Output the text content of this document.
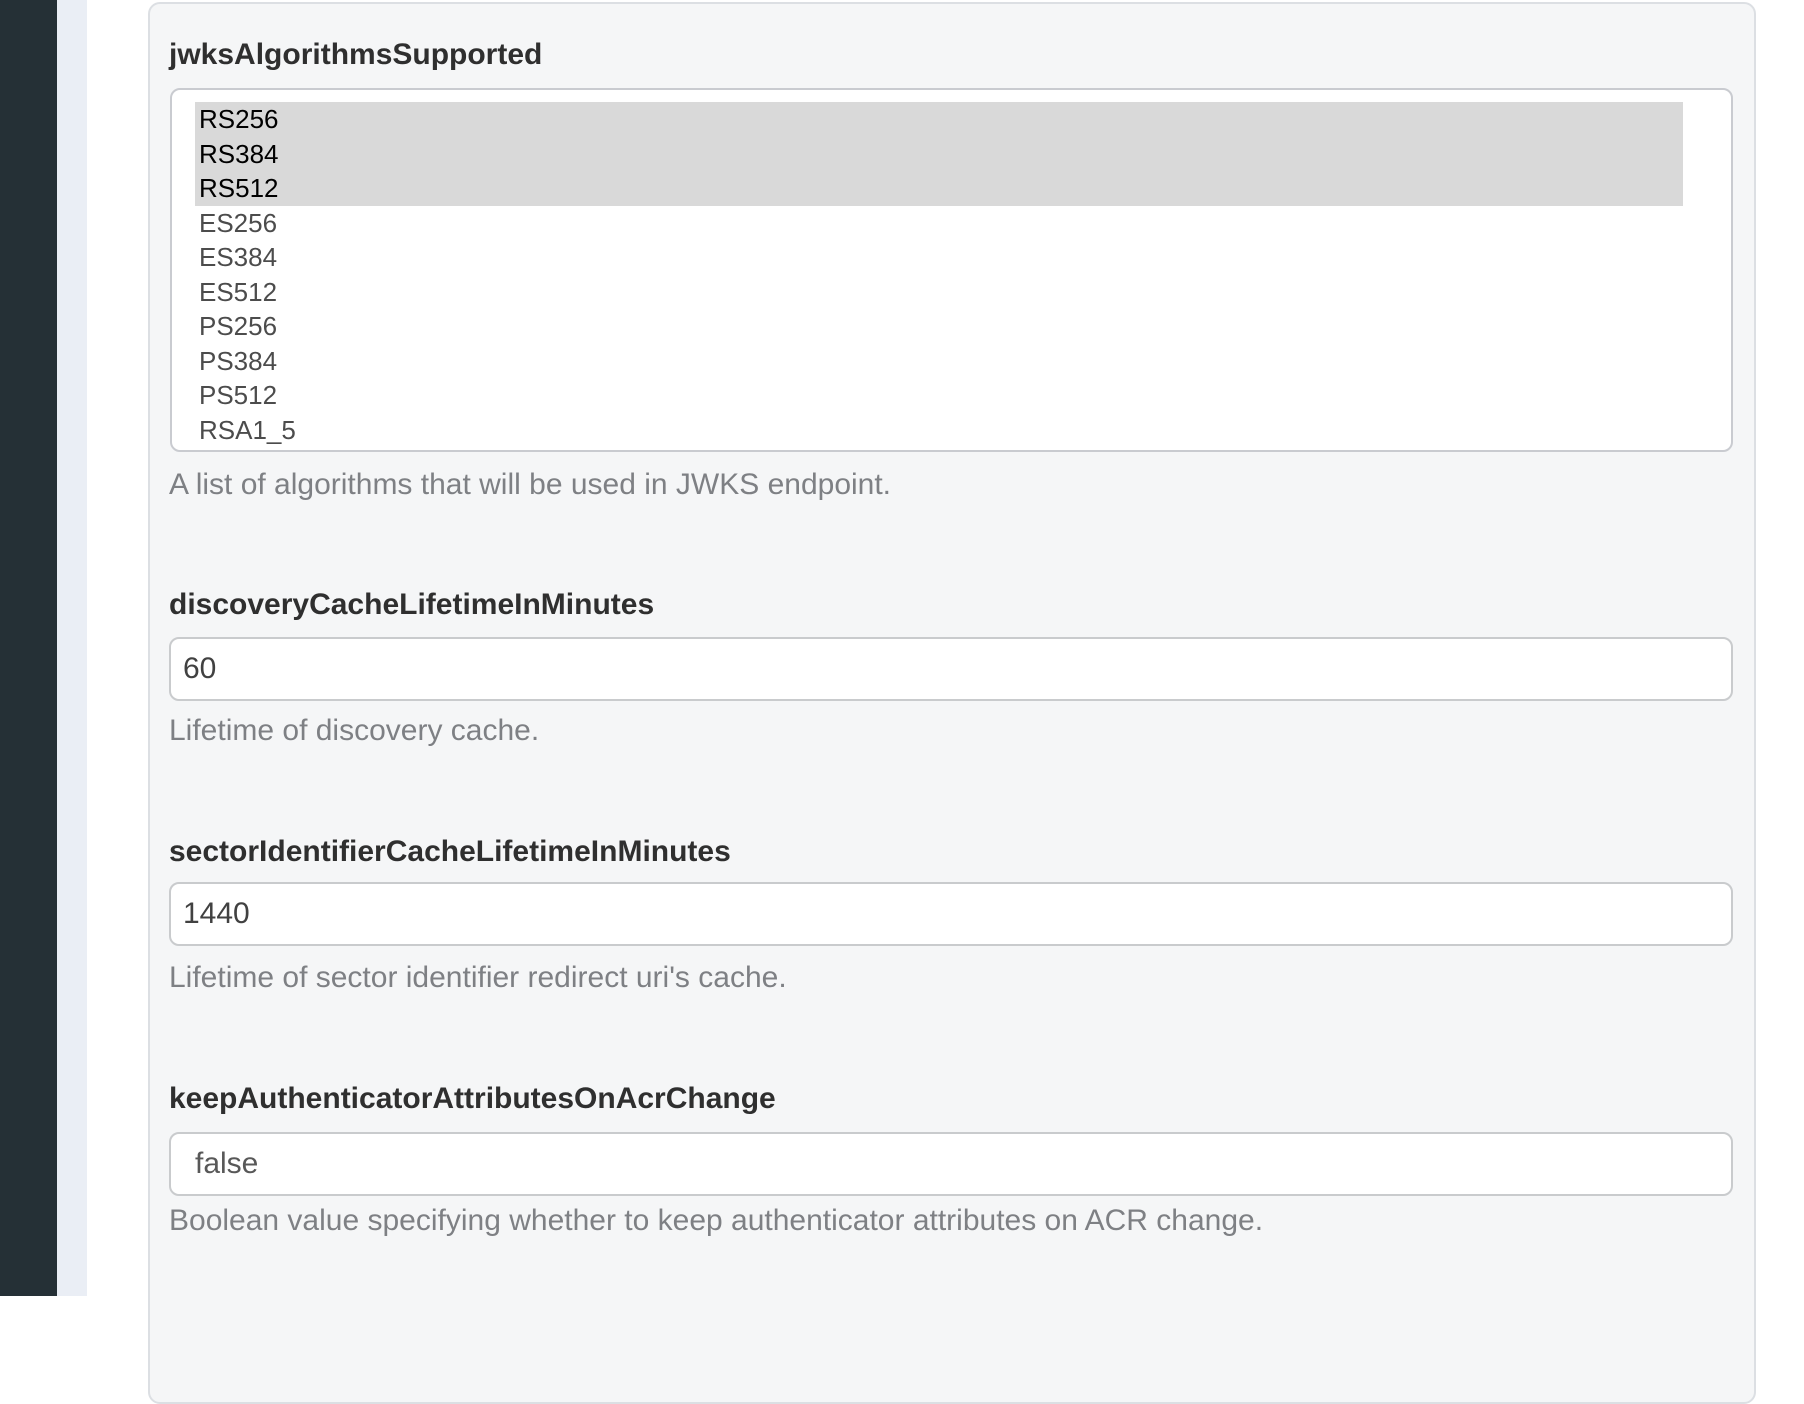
jwksAlgorithmsSupported
RS256
RS384
RS512
ES256
ES384
ES512
PS256
PS384
PS512
RSA1_5
A list of algorithms that will be used in JWKS endpoint.
discoveryCacheLifetimeInMinutes
60
Lifetime of discovery cache.
sectorIdentifierCacheLifetimeInMinutes
1440
Lifetime of sector identifier redirect uri's cache.
keepAuthenticatorAttributesOnAcrChange
false
Boolean value specifying whether to keep authenticator attributes on ACR change.
